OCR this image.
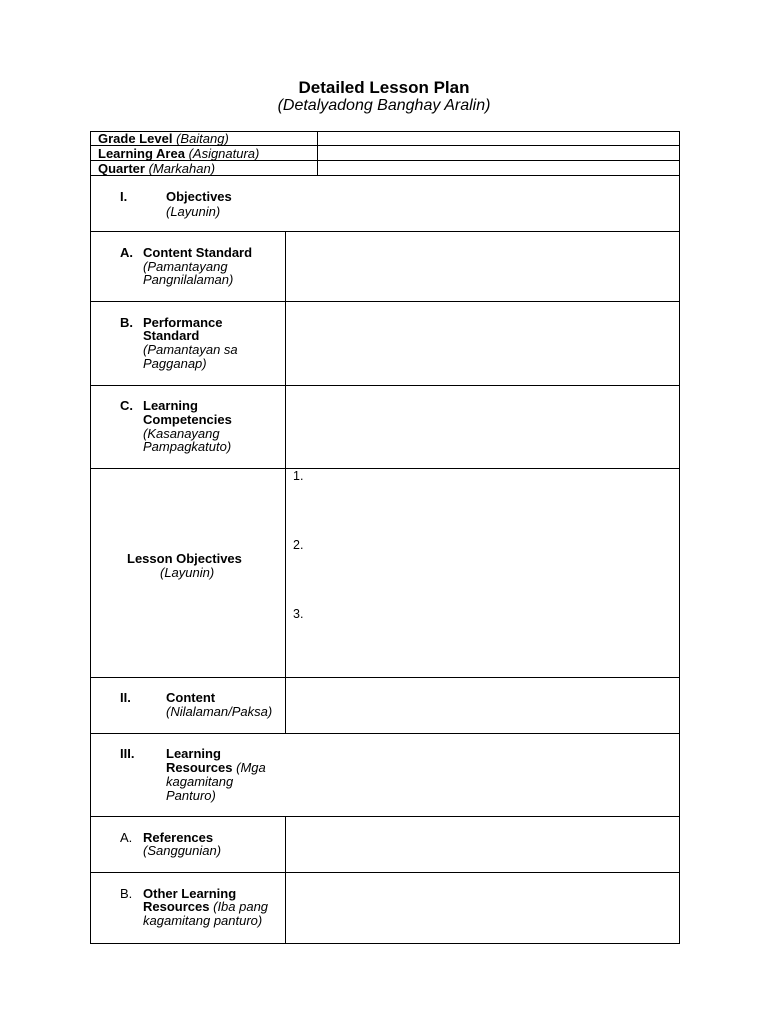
Detailed Lesson Plan
(Detalyadong Banghay Aralin)
Grade Level (Baitang)
Learning Area (Asignatura)
Quarter (Markahan)
I.	Objectives
(Layunin)
A. Content Standard
(Pamantayang
Pangnilalaman)
B. Performance
Standard
(Pamantayan sa
Pagganap)
C. Learning
Competencies
(Kasanayang
Pampagkatuto)
Lesson Objectives
(Layunin)
1.
2.
3.
II.	Content
(Nilalaman/Paksa)
III. Learning
Resources (Mga
kagamitang
Panturo)
A. References
(Sanggunian)
B. Other Learning
Resources (Iba pang
kagamitang panturo)
